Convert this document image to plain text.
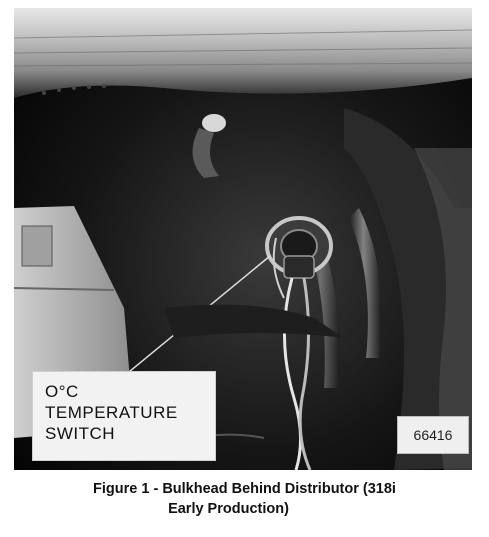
O°C
TEMPERATURE
SWITCH	66416
Figure 1 - Bulkhead Behind Distributor (318i
Early Production)
